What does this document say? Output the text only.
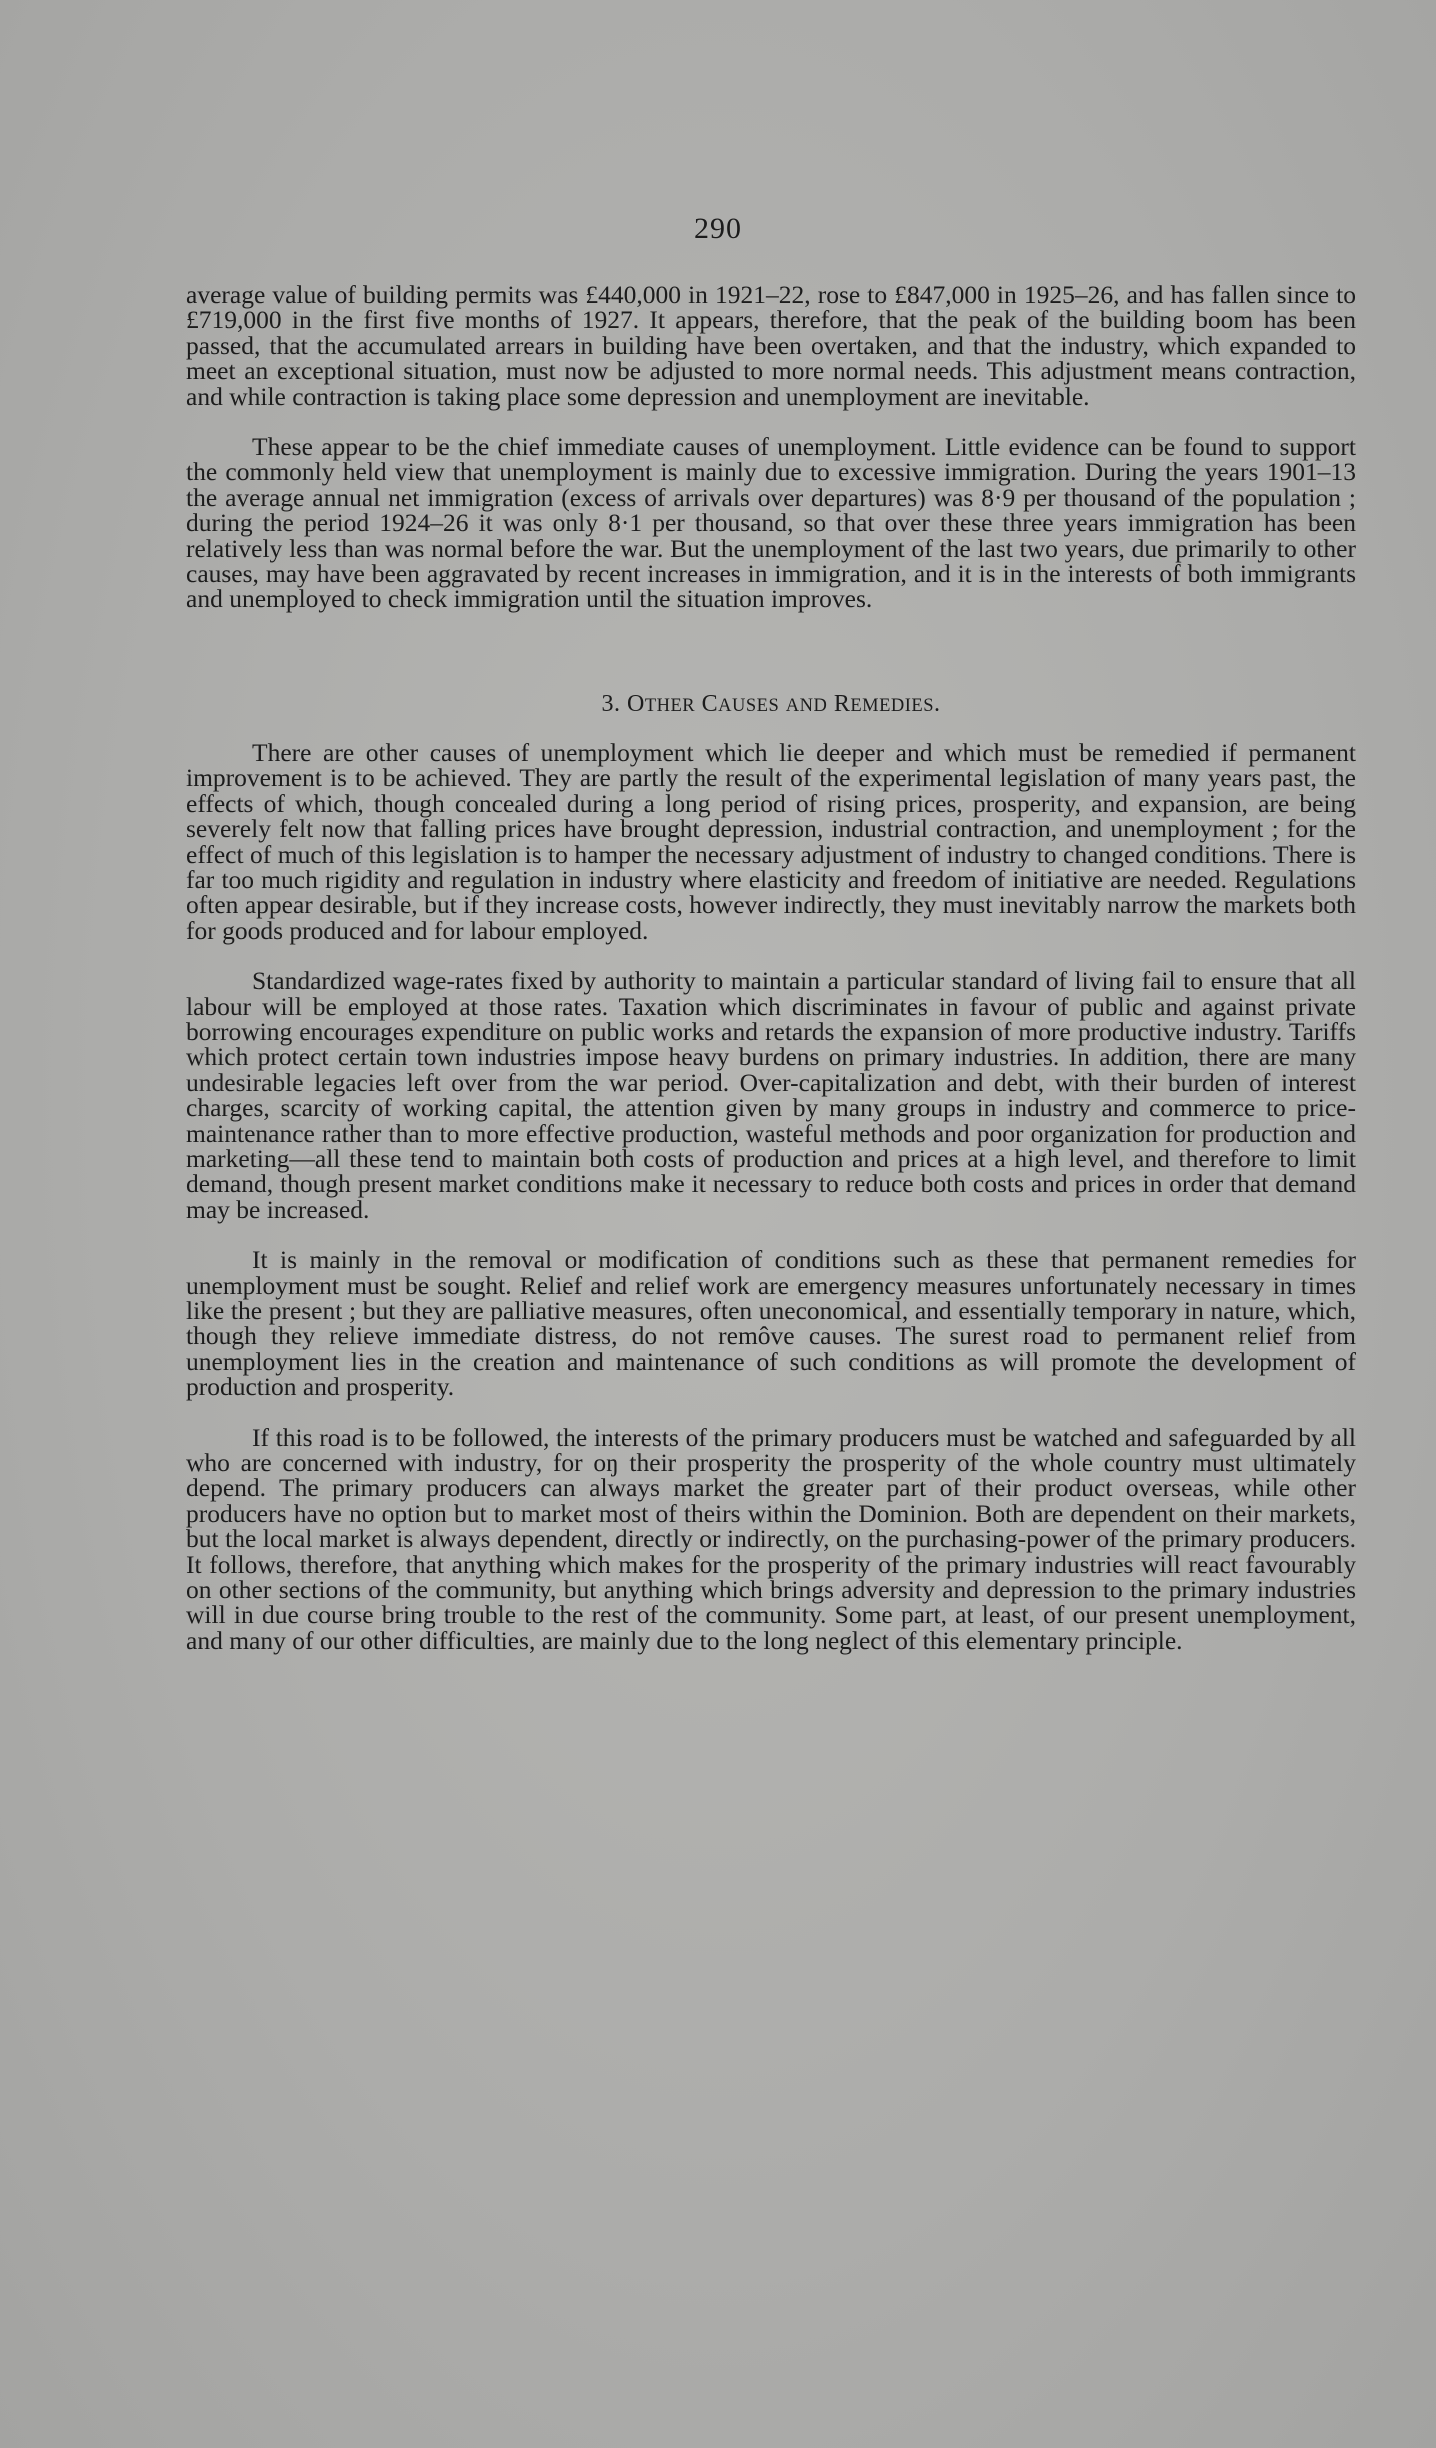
290

average value of building permits was £440,000 in 1921–22, rose to £847,000 in 1925–26, and has fallen since to £719,000 in the first five months of 1927. It appears, therefore, that the peak of the building boom has been passed, that the accumulated arrears in building have been overtaken, and that the industry, which expanded to meet an exceptional situation, must now be adjusted to more normal needs. This adjustment means contraction, and while contraction is taking place some depression and unemployment are inevitable.

These appear to be the chief immediate causes of unemployment. Little evidence can be found to support the commonly held view that unemployment is mainly due to excessive immigration. During the years 1901–13 the average annual net immigration (excess of arrivals over departures) was 8·9 per thousand of the population ; during the period 1924–26 it was only 8·1 per thousand, so that over these three years immigration has been relatively less than was normal before the war. But the unemployment of the last two years, due primarily to other causes, may have been aggravated by recent increases in immigration, and it is in the interests of both immigrants and unemployed to check immigration until the situation improves.

3. OTHER CAUSES AND REMEDIES.

There are other causes of unemployment which lie deeper and which must be remedied if permanent improvement is to be achieved. They are partly the result of the experimental legislation of many years past, the effects of which, though concealed during a long period of rising prices, prosperity, and expansion, are being severely felt now that falling prices have brought depression, industrial contraction, and unemployment ; for the effect of much of this legislation is to hamper the necessary adjustment of industry to changed conditions. There is far too much rigidity and regulation in industry where elasticity and freedom of initiative are needed. Regulations often appear desirable, but if they increase costs, however indirectly, they must inevitably narrow the markets both for goods produced and for labour employed.

Standardized wage-rates fixed by authority to maintain a particular standard of living fail to ensure that all labour will be employed at those rates. Taxation which discriminates in favour of public and against private borrowing encourages expenditure on public works and retards the expansion of more productive industry. Tariffs which protect certain town industries impose heavy burdens on primary industries. In addition, there are many undesirable legacies left over from the war period. Over-capitalization and debt, with their burden of interest charges, scarcity of working capital, the attention given by many groups in industry and commerce to price-maintenance rather than to more effective production, wasteful methods and poor organization for production and marketing—all these tend to maintain both costs of production and prices at a high level, and therefore to limit demand, though present market conditions make it necessary to reduce both costs and prices in order that demand may be increased.

It is mainly in the removal or modification of conditions such as these that permanent remedies for unemployment must be sought. Relief and relief work are emergency measures unfortunately necessary in times like the present ; but they are palliative measures, often uneconomical, and essentially temporary in nature, which, though they relieve immediate distress, do not remôve causes. The surest road to permanent relief from unemployment lies in the creation and maintenance of such conditions as will promote the development of production and prosperity.

If this road is to be followed, the interests of the primary producers must be watched and safeguarded by all who are concerned with industry, for oŋ their prosperity the prosperity of the whole country must ultimately depend. The primary producers can always market the greater part of their product overseas, while other producers have no option but to market most of theirs within the Dominion. Both are dependent on their markets, but the local market is always dependent, directly or indirectly, on the purchasing-power of the primary producers. It follows, therefore, that anything which makes for the prosperity of the primary industries will react favourably on other sections of the community, but anything which brings adversity and depression to the primary industries will in due course bring trouble to the rest of the community. Some part, at least, of our present unemployment, and many of our other difficulties, are mainly due to the long neglect of this elementary principle.
